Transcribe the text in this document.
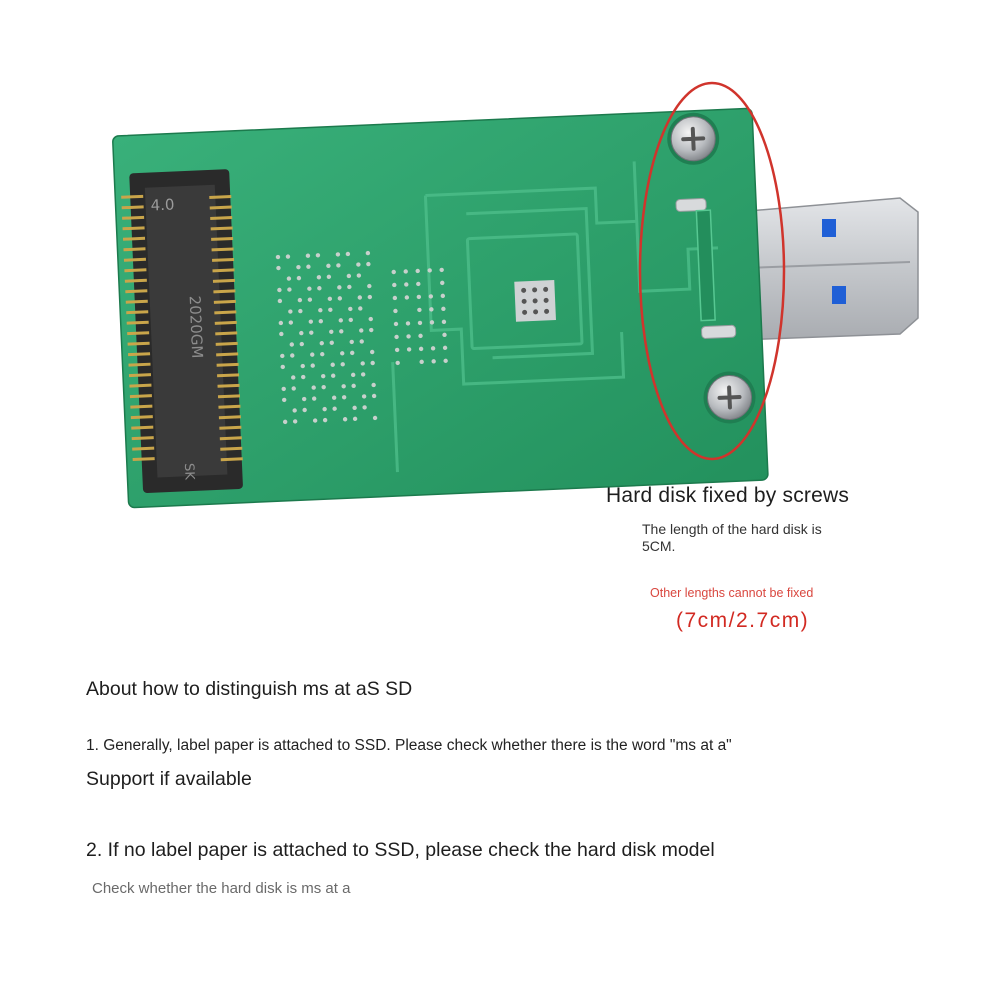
4.0
2020GM
SK
Hard disk fixed by screws
The length of the hard disk is
5CM.
Other lengths cannot be fixed
(7cm/2.7cm)
About how to distinguish ms at aS SD
1. Generally, label paper is attached to SSD. Please check whether there is the word "ms at a"
Support if available
2. If no label paper is attached to SSD, please check the hard disk model
Check whether the hard disk is ms at a
